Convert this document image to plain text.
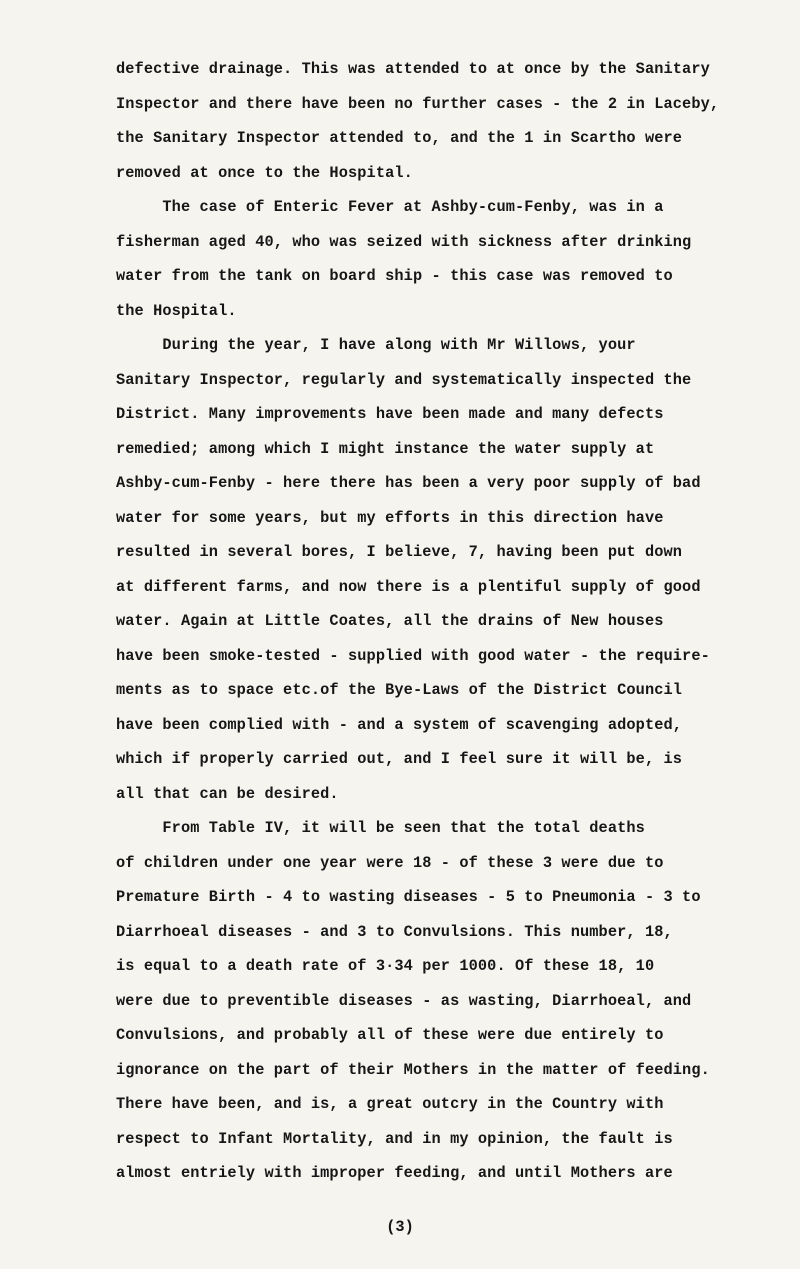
defective drainage. This was attended to at once by the Sanitary
Inspector and there have been no further cases - the 2 in Laceby,
the Sanitary Inspector attended to, and the 1 in Scartho were
removed at once to the Hospital.
The case of Enteric Fever at Ashby-cum-Fenby, was in a
fisherman aged 40, who was seized with sickness after drinking
water from the tank on board ship - this case was removed to
the Hospital.
During the year, I have along with Mr Willows, your
Sanitary Inspector, regularly and systematically inspected the
District. Many improvements have been made and many defects
remedied; among which I might instance the water supply at
Ashby-cum-Fenby - here there has been a very poor supply of bad
water for some years, but my efforts in this direction have
resulted in several bores, I believe, 7, having been put down
at different farms, and now there is a plentiful supply of good
water. Again at Little Coates, all the drains of New houses
have been smoke-tested - supplied with good water - the require-
ments as to space etc.of the Bye-Laws of the District Council
have been complied with - and a system of scavenging adopted,
which if properly carried out, and I feel sure it will be, is
all that can be desired.
From Table IV, it will be seen that the total deaths
of children under one year were 18 - of these 3 were due to
Premature Birth - 4 to wasting diseases - 5 to Pneumonia - 3 to
Diarrhoeal diseases - and 3 to Convulsions. This number, 18,
is equal to a death rate of 3·34 per 1000. Of these 18, 10
were due to preventible diseases - as wasting, Diarrhoeal, and
Convulsions, and probably all of these were due entirely to
ignorance on the part of their Mothers in the matter of feeding.
There have been, and is, a great outcry in the Country with
respect to Infant Mortality, and in my opinion, the fault is
almost entriely with improper feeding, and until Mothers are
(3)
